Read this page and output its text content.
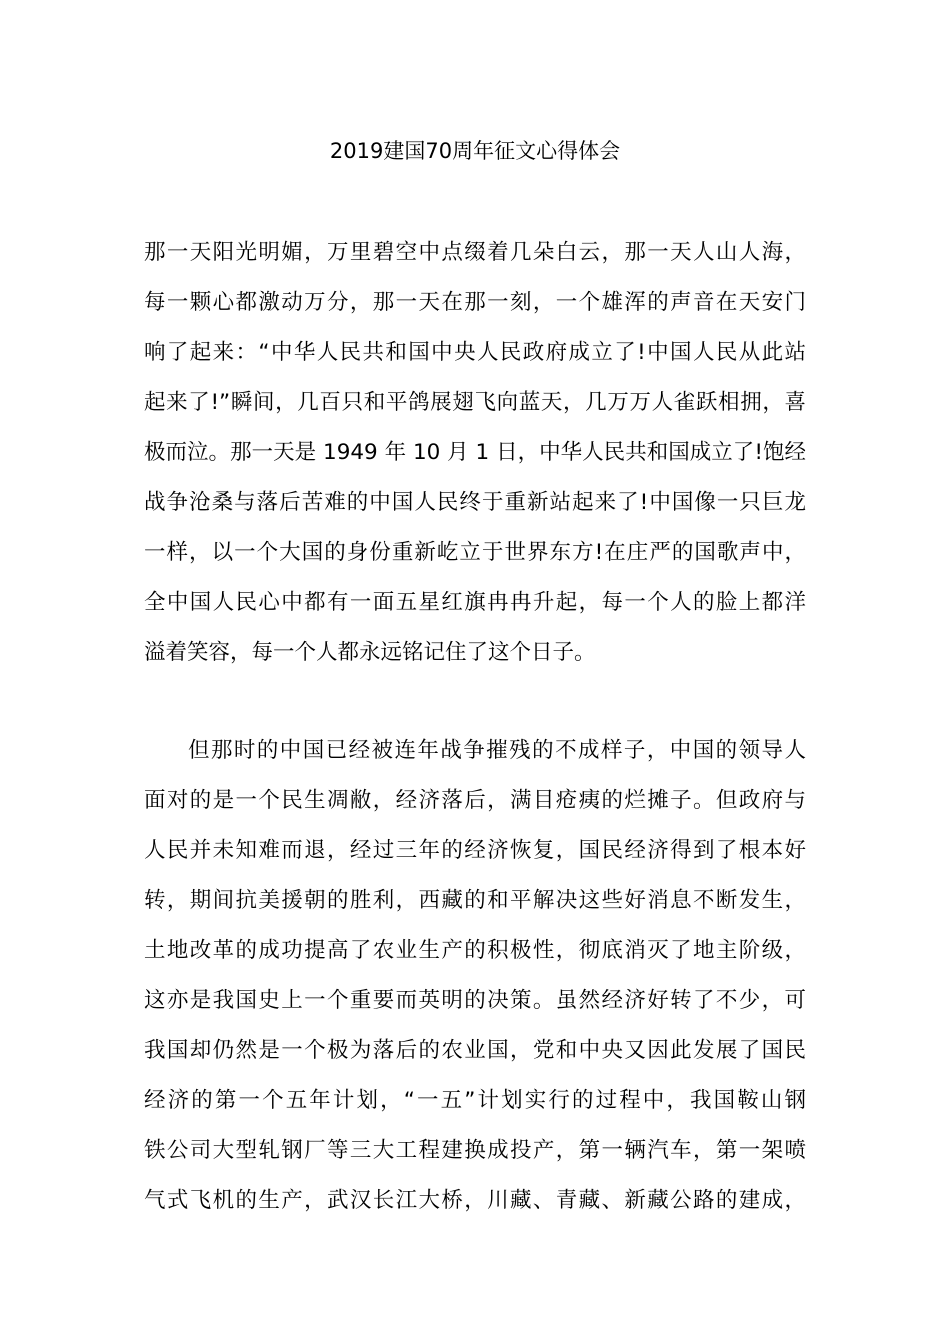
2019建国70周年征文心得体会
那一天阳光明媚，万里碧空中点缀着几朵白云，那一天人山人海，
每一颗心都激动万分，那一天在那一刻，一个雄浑的声音在天安门
响了起来：“中华人民共和国中央人民政府成立了!中国人民从此站
起来了!”瞬间，几百只和平鸽展翅飞向蓝天，几万万人雀跃相拥，喜
极而泣。那一天是 1949 年 10 月 1 日，中华人民共和国成立了!饱经
战争沧桑与落后苦难的中国人民终于重新站起来了!中国像一只巨龙
一样，以一个大国的身份重新屹立于世界东方!在庄严的国歌声中，
全中国人民心中都有一面五星红旗冉冉升起，每一个人的脸上都洋
溢着笑容，每一个人都永远铭记住了这个日子。
但那时的中国已经被连年战争摧残的不成样子，中国的领导人
面对的是一个民生凋敝，经济落后，满目疮痍的烂摊子。但政府与
人民并未知难而退，经过三年的经济恢复，国民经济得到了根本好
转，期间抗美援朝的胜利，西藏的和平解决这些好消息不断发生，
土地改革的成功提高了农业生产的积极性，彻底消灭了地主阶级，
这亦是我国史上一个重要而英明的决策。虽然经济好转了不少，可
我国却仍然是一个极为落后的农业国，党和中央又因此发展了国民
经济的第一个五年计划，“一五”计划实行的过程中，我国鞍山钢
铁公司大型轧钢厂等三大工程建换成投产，第一辆汽车，第一架喷
气式飞机的生产，武汉长江大桥，川藏、青藏、新藏公路的建成，
